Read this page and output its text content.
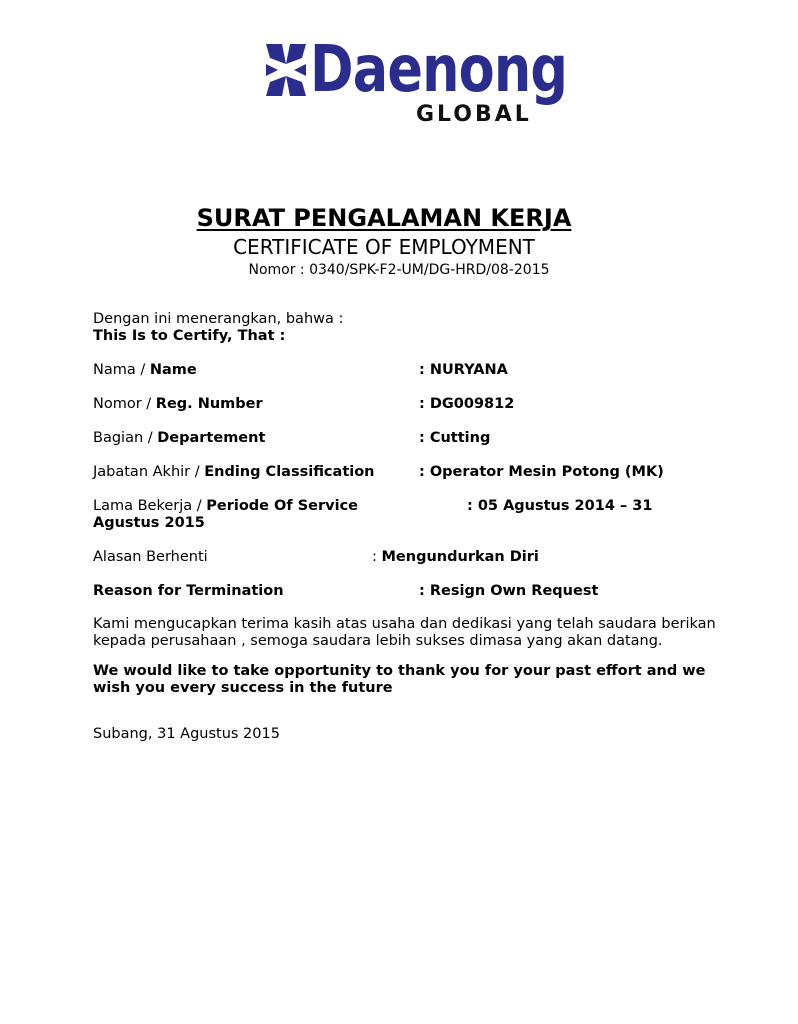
Daenong
GLOBAL
SURAT PENGALAMAN KERJA
CERTIFICATE OF EMPLOYMENT
Nomor : 0340/SPK-F2-UM/DG-HRD/08-2015
Dengan ini menerangkan, bahwa :
This Is to Certify, That :
Nama / Name	: NURYANA
Nomor / Reg. Number	: DG009812
Bagian / Departement	: Cutting
Jabatan Akhir / Ending Classification	: Operator Mesin Potong (MK)
Lama Bekerja / Periode Of Service	: 05 Agustus 2014 – 31
Agustus 2015
Alasan Berhenti	: Mengundurkan Diri
Reason for Termination	: Resign Own Request
Kami mengucapkan terima kasih atas usaha dan dedikasi yang telah saudara berikan
kepada perusahaan , semoga saudara lebih sukses dimasa yang akan datang.
We would like to take opportunity to thank you for your past effort and we
wish you every success in the future
Subang, 31 Agustus 2015
